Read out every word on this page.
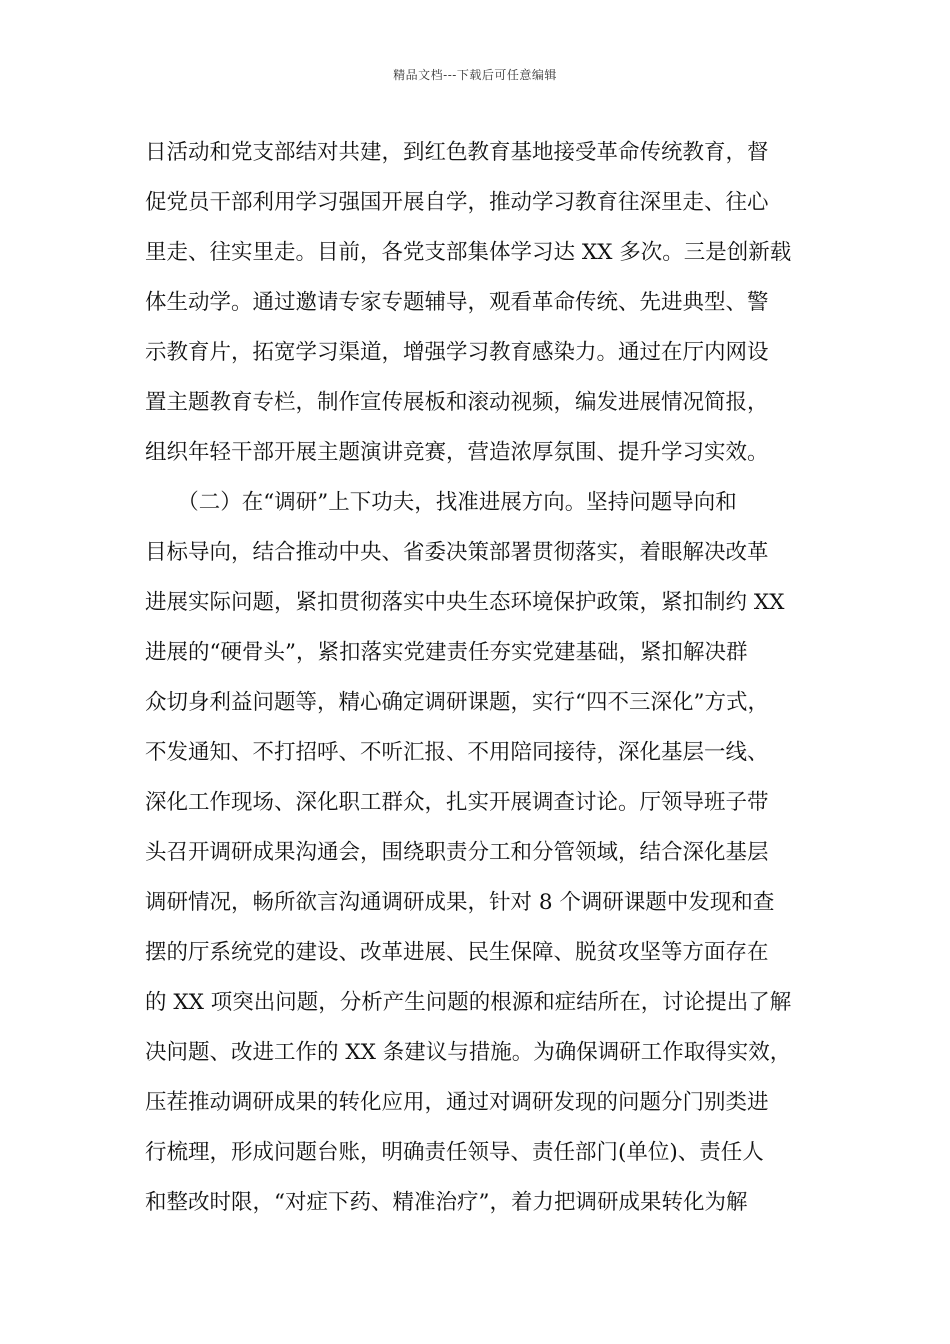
精品文档---下载后可任意编辑
日活动和党支部结对共建，到红色教育基地接受革命传统教育，督
促党员干部利用学习强国开展自学，推动学习教育往深里走、往心
里走、往实里走。目前，各党支部集体学习达 XX 多次。三是创新载
体生动学。通过邀请专家专题辅导，观看革命传统、先进典型、警
示教育片，拓宽学习渠道，增强学习教育感染力。通过在厅内网设
置主题教育专栏，制作宣传展板和滚动视频，编发进展情况简报，
组织年轻干部开展主题演讲竞赛，营造浓厚氛围、提升学习实效。
　　（二）在“调研”上下功夫，找准进展方向。坚持问题导向和
目标导向，结合推动中央、省委决策部署贯彻落实，着眼解决改革
进展实际问题，紧扣贯彻落实中央生态环境保护政策，紧扣制约 XX
进展的“硬骨头”，紧扣落实党建责任夯实党建基础，紧扣解决群
众切身利益问题等，精心确定调研课题，实行“四不三深化”方式，
不发通知、不打招呼、不听汇报、不用陪同接待，深化基层一线、
深化工作现场、深化职工群众，扎实开展调查讨论。厅领导班子带
头召开调研成果沟通会，围绕职责分工和分管领域，结合深化基层
调研情况，畅所欲言沟通调研成果，针对 8 个调研课题中发现和查
摆的厅系统党的建设、改革进展、民生保障、脱贫攻坚等方面存在
的 XX 项突出问题，分析产生问题的根源和症结所在，讨论提出了解
决问题、改进工作的 XX 条建议与措施。为确保调研工作取得实效，
压茬推动调研成果的转化应用，通过对调研发现的问题分门别类进
行梳理，形成问题台账，明确责任领导、责任部门(单位)、责任人
和整改时限，“对症下药、精准治疗”，着力把调研成果转化为解
